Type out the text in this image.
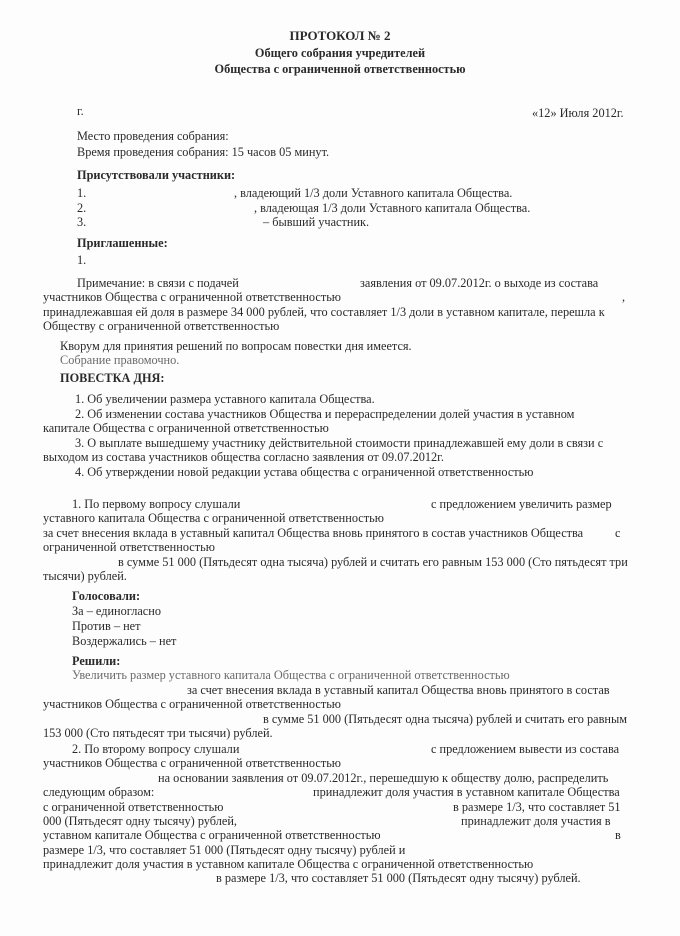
ПРОТОКОЛ № 2
Общего собрания учредителей
Общества с ограниченной ответственностью
г.	«12» Июля 2012г.
Место проведения собрания:
Время проведения собрания: 15 часов 05 минут.
Присутствовали участники:
1.	, владеющий 1/3 доли Уставного капитала Общества.
2.	, владеющая 1/3 доли Уставного капитала Общества.
3.	– бывший участник.
Приглашенные:
1.
Примечание: в связи с подачей	заявления от 09.07.2012г. о выходе из состава
участников Общества с ограниченной ответственностью	,
принадлежавшая ей доля в размере 34 000 рублей, что составляет 1/3 доли в уставном капитале, перешла к
Обществу с ограниченной ответственностью
Кворум для принятия решений по вопросам повестки дня имеется.
Собрание правомочно.
ПОВЕСТКА ДНЯ:
1. Об увеличении размера уставного капитала Общества.
2. Об изменении состава участников Общества и перераспределении долей участия в уставном
капитале Общества с ограниченной ответственностью
3. О выплате вышедшему участнику действительной стоимости принадлежавшей ему доли в связи с
выходом из состава участников общества согласно заявления от 09.07.2012г.
4. Об утверждении новой редакции устава общества с ограниченной ответственностью
1. По первому вопросу слушали	с предложением увеличить размер
уставного капитала Общества с ограниченной ответственностью
за счет внесения вклада в уставный капитал Общества вновь принятого в состав участников Общества	с
ограниченной ответственностью
в сумме 51 000 (Пятьдесят одна тысяча) рублей и считать его равным 153 000 (Сто пятьдесят три
тысячи) рублей.
Голосовали:
За – единогласно
Против – нет
Воздержались – нет
Решили:
Увеличить размер уставного капитала Общества с ограниченной ответственностью
за счет внесения вклада в уставный капитал Общества вновь принятого в состав
участников Общества с ограниченной ответственностью
в сумме 51 000 (Пятьдесят одна тысяча) рублей и считать его равным
153 000 (Сто пятьдесят три тысячи) рублей.
2. По второму вопросу слушали	с предложением вывести из состава
участников Общества с ограниченной ответственностью
на основании заявления от 09.07.2012г., перешедшую к обществу долю, распределить
следующим образом:	принадлежит доля участия в уставном капитале Общества
с ограниченной ответственностью	в размере 1/3, что составляет 51
000 (Пятьдесят одну тысячу) рублей,	принадлежит доля участия в
уставном капитале Общества с ограниченной ответственностью	в
размере 1/3, что составляет 51 000 (Пятьдесят одну тысячу) рублей и
принадлежит доля участия в уставном капитале Общества с ограниченной ответственностью
в размере 1/3, что составляет 51 000 (Пятьдесят одну тысячу) рублей.
